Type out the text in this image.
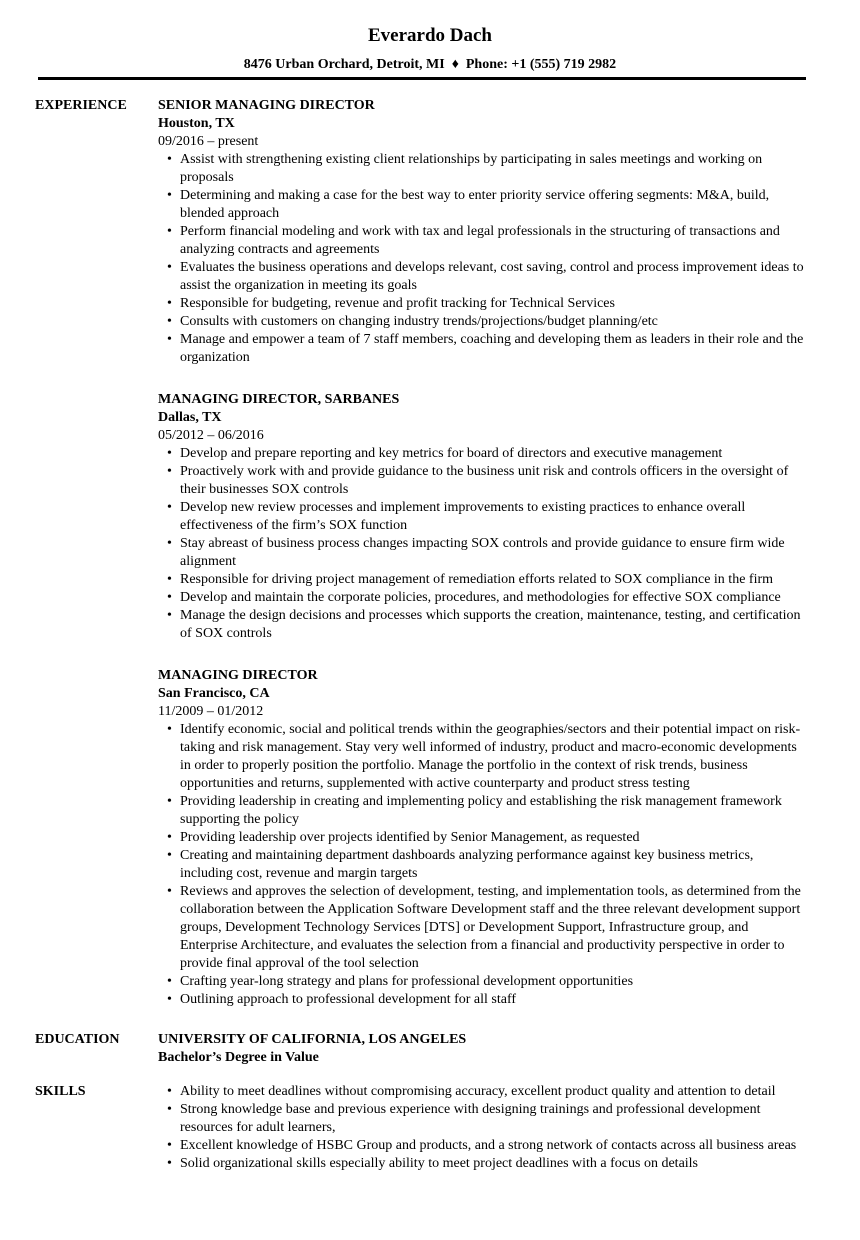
Everardo Dach

8476 Urban Orchard, Detroit, MI ♦ Phone: +1 (555) 719 2982

EXPERIENCE	SENIOR MANAGING DIRECTOR
Houston, TX
09/2016 – present
• Assist with strengthening existing client relationships by participating in sales meetings and working on proposals
• Determining and making a case for the best way to enter priority service offering segments: M&A, build, blended approach
• Perform financial modeling and work with tax and legal professionals in the structuring of transactions and analyzing contracts and agreements
• Evaluates the business operations and develops relevant, cost saving, control and process improvement ideas to assist the organization in meeting its goals
• Responsible for budgeting, revenue and profit tracking for Technical Services
• Consults with customers on changing industry trends/projections/budget planning/etc
• Manage and empower a team of 7 staff members, coaching and developing them as leaders in their role and the organization
MANAGING DIRECTOR, SARBANES
Dallas, TX
05/2012 – 06/2016
• Develop and prepare reporting and key metrics for board of directors and executive management
• Proactively work with and provide guidance to the business unit risk and controls officers in the oversight of their businesses SOX controls
• Develop new review processes and implement improvements to existing practices to enhance overall effectiveness of the firm’s SOX function
• Stay abreast of business process changes impacting SOX controls and provide guidance to ensure firm wide alignment
• Responsible for driving project management of remediation efforts related to SOX compliance in the firm
• Develop and maintain the corporate policies, procedures, and methodologies for effective SOX compliance
• Manage the design decisions and processes which supports the creation, maintenance, testing, and certification of SOX controls
MANAGING DIRECTOR
San Francisco, CA
11/2009 – 01/2012
• Identify economic, social and political trends within the geographies/sectors and their potential impact on risk-taking and risk management. Stay very well informed of industry, product and macro-economic developments in order to properly position the portfolio. Manage the portfolio in the context of risk trends, business opportunities and returns, supplemented with active counterparty and product stress testing
• Providing leadership in creating and implementing policy and establishing the risk management framework supporting the policy
• Providing leadership over projects identified by Senior Management, as requested
• Creating and maintaining department dashboards analyzing performance against key business metrics, including cost, revenue and margin targets
• Reviews and approves the selection of development, testing, and implementation tools, as determined from the collaboration between the Application Software Development staff and the three relevant development support groups, Development Technology Services [DTS] or Development Support, Infrastructure group, and Enterprise Architecture, and evaluates the selection from a financial and productivity perspective in order to provide final approval of the tool selection
• Crafting year-long strategy and plans for professional development opportunities
• Outlining approach to professional development for all staff
EDUCATION	UNIVERSITY OF CALIFORNIA, LOS ANGELES
Bachelor’s Degree in Value
SKILLS	• Ability to meet deadlines without compromising accuracy, excellent product quality and attention to detail
• Strong knowledge base and previous experience with designing trainings and professional development resources for adult learners,
• Excellent knowledge of HSBC Group and products, and a strong network of contacts across all business areas
• Solid organizational skills especially ability to meet project deadlines with a focus on details
